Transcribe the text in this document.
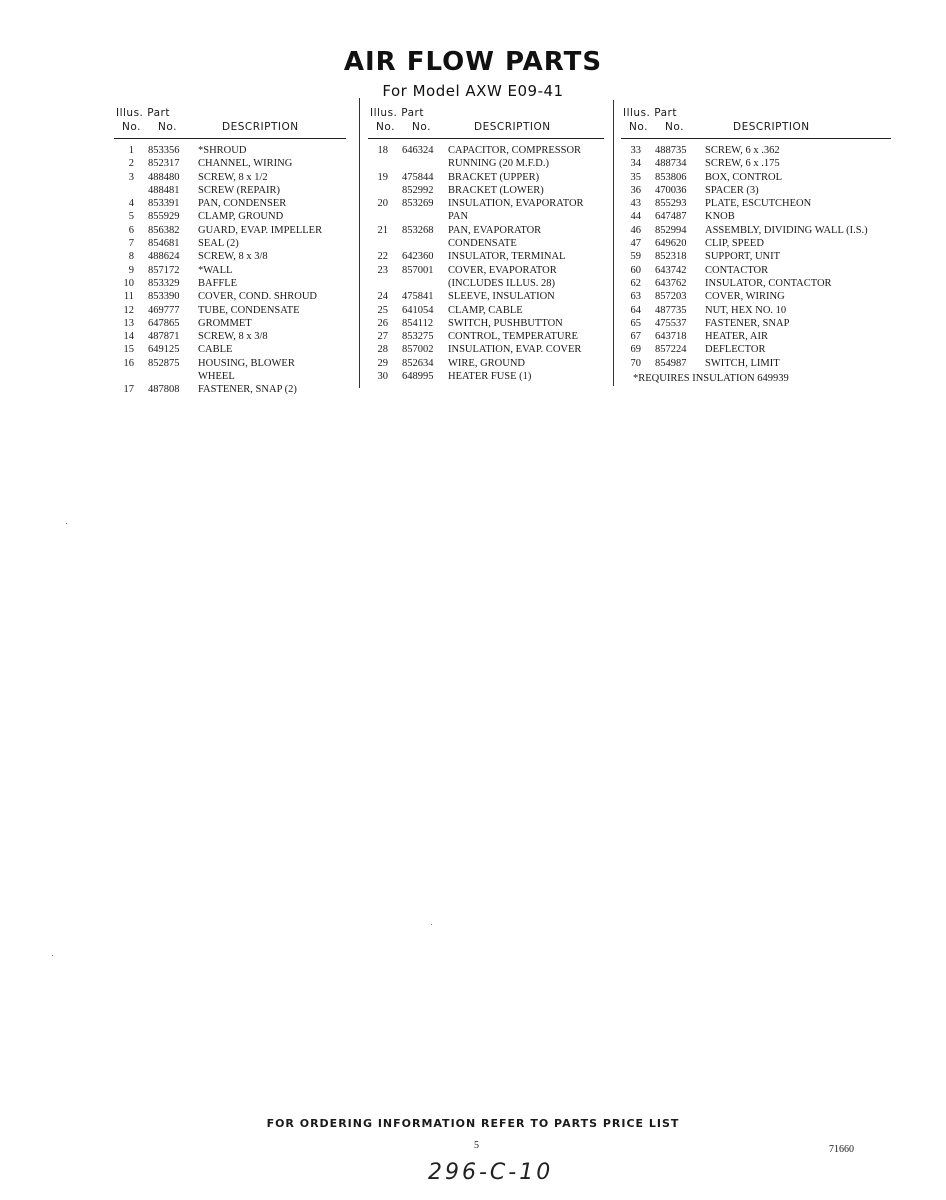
AIR FLOW PARTS
For Model AXW E09-41
Illus. Part
No. No.	DESCRIPTION
1 853356 *SHROUD
2 852317 CHANNEL, WIRING
3 488480 SCREW, 8 x 1/2
488481 SCREW (REPAIR)
4 853391 PAN, CONDENSER
5 855929 CLAMP, GROUND
6 856382 GUARD, EVAP. IMPELLER
7 854681 SEAL (2)
8 488624 SCREW, 8 x 3/8
9 857172 *WALL
10 853329 BAFFLE
11 853390 COVER, COND. SHROUD
12 469777 TUBE, CONDENSATE
13 647865 GROMMET
14 487871 SCREW, 8 x 3/8
15 649125 CABLE
16 852875 HOUSING, BLOWER
WHEEL
17 487808 FASTENER, SNAP (2)
Illus. Part
No. No.	DESCRIPTION
18 646324 CAPACITOR, COMPRESSOR
RUNNING (20 M.F.D.)
19 475844 BRACKET (UPPER)
852992 BRACKET (LOWER)
20 853269 INSULATION, EVAPORATOR
PAN
21 853268 PAN, EVAPORATOR
CONDENSATE
22 642360 INSULATOR, TERMINAL
23 857001 COVER, EVAPORATOR
(INCLUDES ILLUS. 28)
24 475841 SLEEVE, INSULATION
25 641054 CLAMP, CABLE
26 854112 SWITCH, PUSHBUTTON
27 853275 CONTROL, TEMPERATURE
28 857002 INSULATION, EVAP. COVER
29 852634 WIRE, GROUND
30 648995 HEATER FUSE (1)
Illus. Part
No. No.	DESCRIPTION
33 488735 SCREW, 6 x .362
34 488734 SCREW, 6 x .175
35 853806 BOX, CONTROL
36 470036 SPACER (3)
43 855293 PLATE, ESCUTCHEON
44 647487 KNOB
46 852994 ASSEMBLY, DIVIDING WALL (I.S.)
47 649620 CLIP, SPEED
59 852318 SUPPORT, UNIT
60 643742 CONTACTOR
62 643762 INSULATOR, CONTACTOR
63 857203 COVER, WIRING
64 487735 NUT, HEX NO. 10
65 475537 FASTENER, SNAP
67 643718 HEATER, AIR
69 857224 DEFLECTOR
70 854987 SWITCH, LIMIT
*REQUIRES INSULATION 649939
FOR ORDERING INFORMATION REFER TO PARTS PRICE LIST
5	71660
296-C-10
